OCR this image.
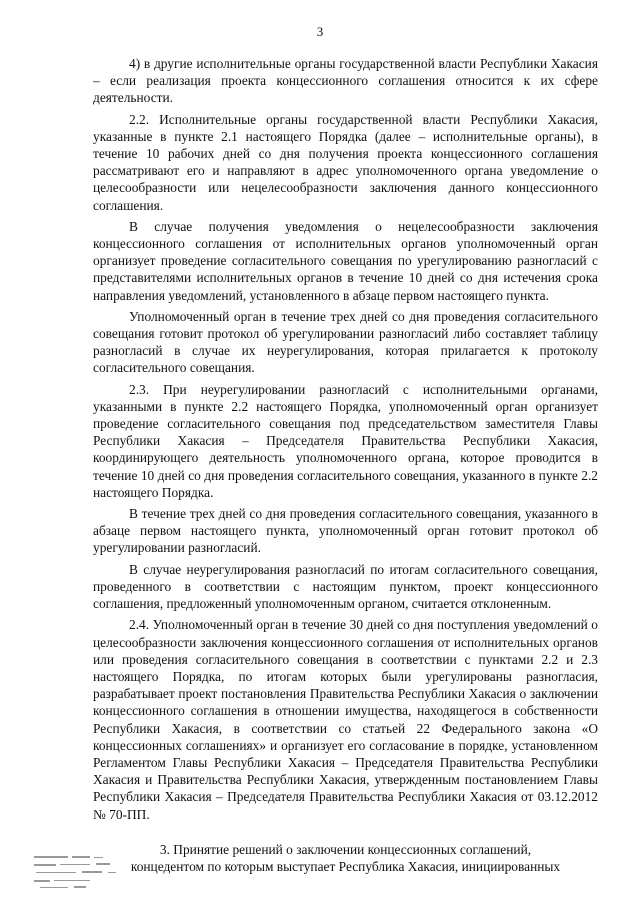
3

4) в другие исполнительные органы государственной власти Республики Хакасия – если реализация проекта концессионного соглашения относится к их сфере деятельности.

2.2. Исполнительные органы государственной власти Республики Хакасия, указанные в пункте 2.1 настоящего Порядка (далее – исполнительные органы), в течение 10 рабочих дней со дня получения проекта концессионного соглашения рассматривают его и направляют в адрес уполномоченного органа уведомление о целесообразности или нецелесообразности заключения данного концессионного соглашения.

В случае получения уведомления о нецелесообразности заключения концессионного соглашения от исполнительных органов уполномоченный орган организует проведение согласительного совещания по урегулированию разногласий с представителями исполнительных органов в течение 10 дней со дня истечения срока направления уведомлений, установленного в абзаце первом настоящего пункта.

Уполномоченный орган в течение трех дней со дня проведения согласительного совещания готовит протокол об урегулировании разногласий либо составляет таблицу разногласий в случае их неурегулирования, которая прилагается к протоколу согласительного совещания.

2.3. При неурегулировании разногласий с исполнительными органами, указанными в пункте 2.2 настоящего Порядка, уполномоченный орган организует проведение согласительного совещания под председательством заместителя Главы Республики Хакасия – Председателя Правительства Республики Хакасия, координирующего деятельность уполномоченного органа, которое проводится в течение 10 дней со дня проведения согласительного совещания, указанного в пункте 2.2 настоящего Порядка.

В течение трех дней со дня проведения согласительного совещания, указанного в абзаце первом настоящего пункта, уполномоченный орган готовит протокол об урегулировании разногласий.

В случае неурегулирования разногласий по итогам согласительного совещания, проведенного в соответствии с настоящим пунктом, проект концессионного соглашения, предложенный уполномоченным органом, считается отклоненным.

2.4. Уполномоченный орган в течение 30 дней со дня поступления уведомлений о целесообразности заключения концессионного соглашения от исполнительных органов или проведения согласительного совещания в соответствии с пунктами 2.2 и 2.3 настоящего Порядка, по итогам которых были урегулированы разногласия, разрабатывает проект постановления Правительства Республики Хакасия о заключении концессионного соглашения в отношении имущества, находящегося в собственности Республики Хакасия, в соответствии со статьей 22 Федерального закона «О концессионных соглашениях» и организует его согласование в порядке, установленном Регламентом Главы Республики Хакасия – Председателя Правительства Республики Хакасия и Правительства Республики Хакасия, утвержденным постановлением Главы Республики Хакасия – Председателя Правительства Республики Хакасия от 03.12.2012 № 70-ПП.

3. Принятие решений о заключении концессионных соглашений,
концедентом по которым выступает Республика Хакасия, инициированных
